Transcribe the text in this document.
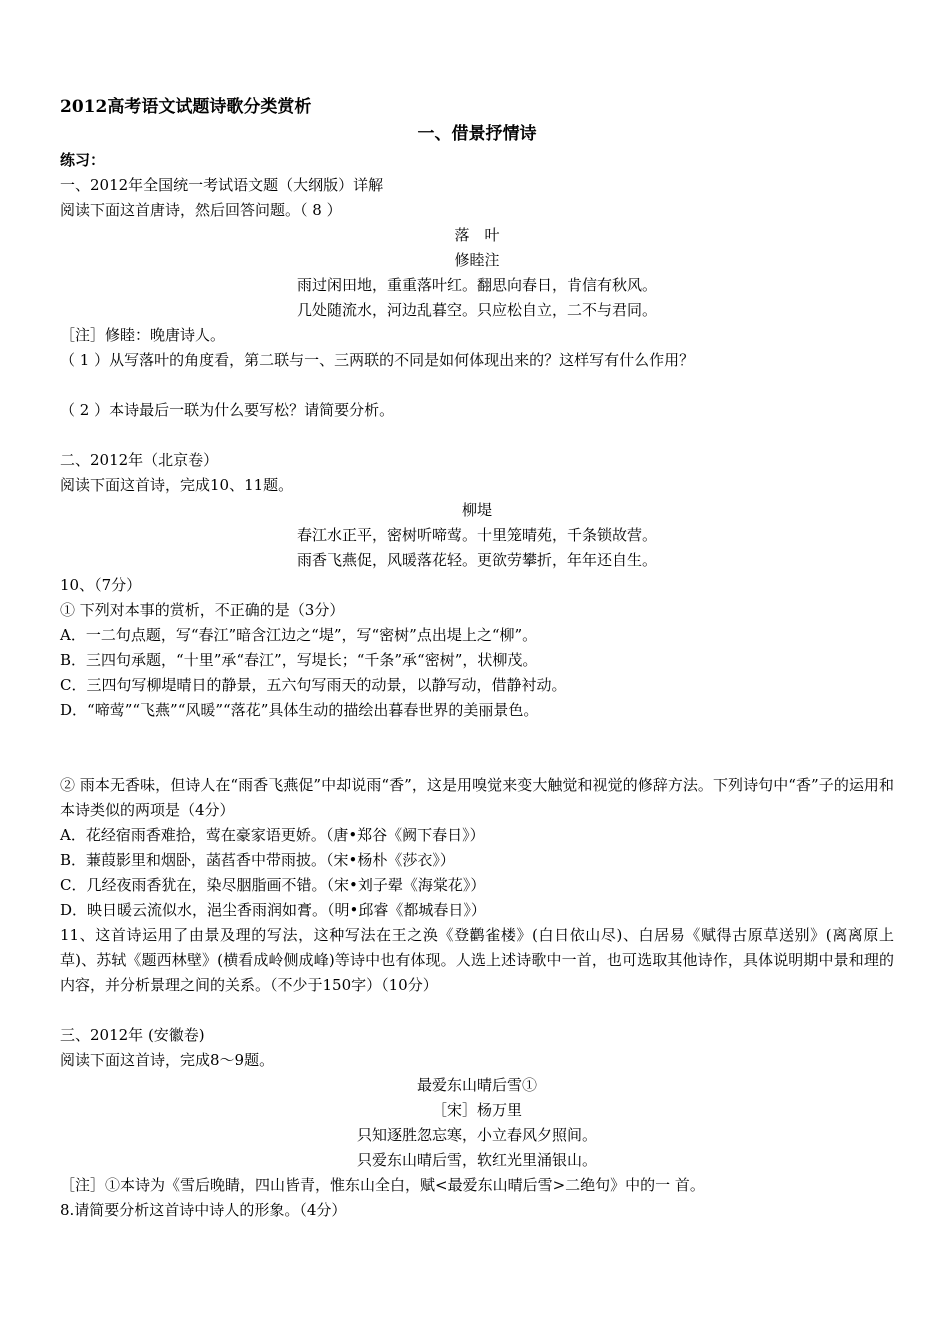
2012高考语文试题诗歌分类赏析
一、借景抒情诗
练习：
一、2012年全国统一考试语文题（大纲版）详解
阅读下面这首唐诗，然后回答问题。（ 8 ）
落　叶
修睦注
雨过闲田地，重重落叶红。翻思向春日，肯信有秋风。
几处随流水，河边乱暮空。只应松自立，二不与君同。
［注］修睦：晚唐诗人。
（ 1 ）从写落叶的角度看，第二联与一、三两联的不同是如何体现出来的？这样写有什么作用？
（ 2 ）本诗最后一联为什么要写松？请简要分析。
二、2012年（北京卷）
阅读下面这首诗，完成10、11题。
柳堤
春江水正平，密树听啼莺。十里笼晴苑，千条锁故营。
雨香飞燕促，风暖落花轻。更欲劳攀折，年年还自生。
10、（7分）
① 下列对本事的赏析，不正确的是（3分）
A．一二句点题，写“春江”暗含江边之“堤”，写“密树”点出堤上之“柳”。
B．三四句承题，“十里”承“春江”，写堤长；“千条”承“密树”，状柳茂。
C．三四句写柳堤晴日的静景，五六句写雨天的动景，以静写动，借静衬动。
D．“啼莺”“飞燕”“风暖”“落花”具体生动的描绘出暮春世界的美丽景色。
② 雨本无香味，但诗人在“雨香飞燕促”中却说雨“香”，这是用嗅觉来变大触觉和视觉的修辞方法。下列诗句中“香”子的运用和本诗类似的两项是（4分）
A．花经宿雨香难拾，莺在豪家语更娇。（唐•郑谷《阙下春日》）
B．蒹葭影里和烟卧，菡萏香中带雨披。（宋•杨朴《莎衣》）
C．几经夜雨香犹在，染尽胭脂画不错。（宋•刘子翚《海棠花》）
D．映日暖云流似水，浥尘香雨润如膏。（明•邱睿《都城春日》）
11、这首诗运用了由景及理的写法，这种写法在王之涣《登鹳雀楼》(白日依山尽)、白居易《赋得古原草送别》(离离原上草)、苏轼《题西林壁》(横看成岭侧成峰)等诗中也有体现。人选上述诗歌中一首，也可选取其他诗作，具体说明期中景和理的内容，并分析景理之间的关系。（不少于150字）（10分）
三、2012年 (安徽卷)
阅读下面这首诗，完成8～9题。
最爱东山晴后雪①
［宋］杨万里
只知逐胜忽忘寒，小立春风夕照间。
只爱东山晴后雪，软红光里涌银山。
［注］①本诗为《雪后晚睛，四山皆青，惟东山全白，赋<最爱东山晴后雪>二绝句》中的一 首。
8.请简要分析这首诗中诗人的形象。（4分）
